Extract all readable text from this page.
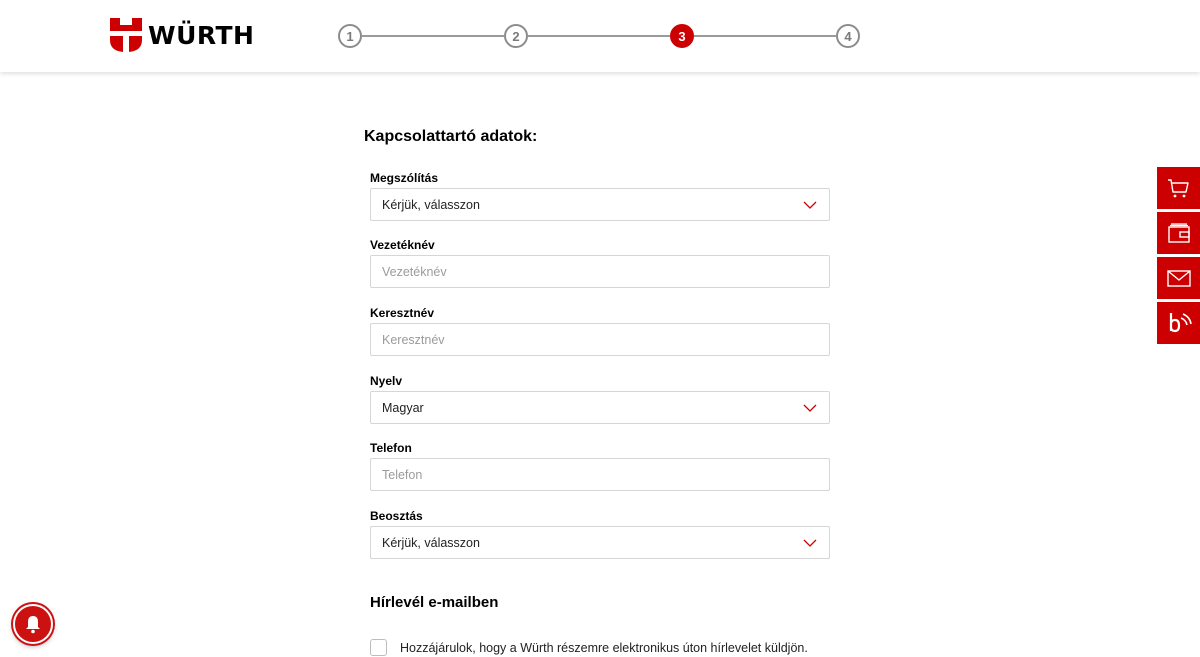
WÜRTH	1	2	3	4
Kapcsolattartó adatok:
Megszólítás
Kérjük, válasszon
Vezetéknév
Vezetéknév
Keresztnév
Keresztnév
Nyelv
Magyar
Telefon
Telefon
Beosztás
Kérjük, válasszon
Hírlevél e-mailben
Hozzájárulok, hogy a Würth részemre elektronikus úton hírlevelet küldjön.
